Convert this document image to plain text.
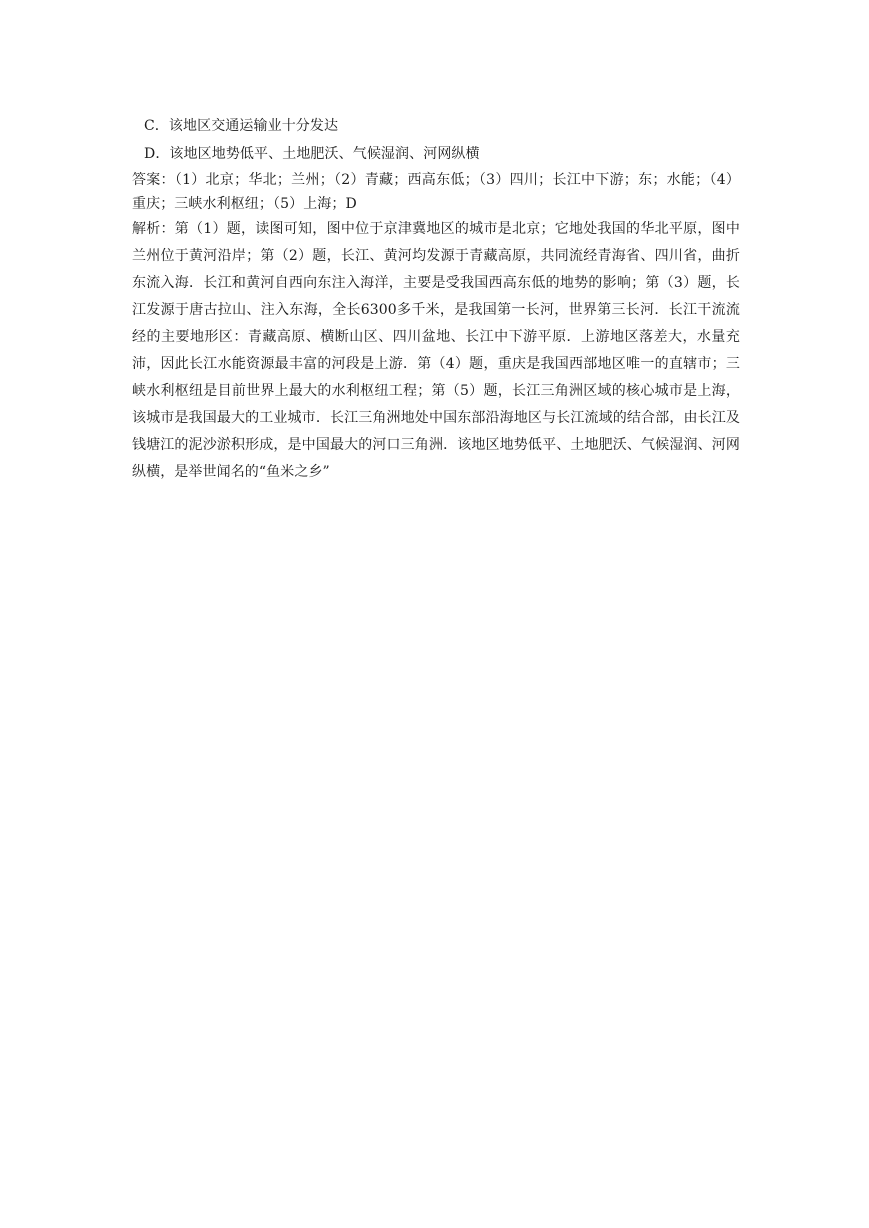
C．该地区交通运输业十分发达

D．该地区地势低平、土地肥沃、气候湿润、河网纵横

答案：（1）北京；华北；兰州；（2）青藏；西高东低；（3）四川；长江中下游；东；水能；（4）重庆；三峡水利枢纽；（5）上海；D

解析：第（1）题，读图可知，图中位于京津冀地区的城市是北京；它地处我国的华北平原，图中兰州位于黄河沿岸；第（2）题，长江、黄河均发源于青藏高原，共同流经青海省、四川省，曲折东流入海．长江和黄河自西向东注入海洋，主要是受我国西高东低的地势的影响；第（3）题，长江发源于唐古拉山、注入东海，全长6300多千米，是我国第一长河，世界第三长河．长江干流流经的主要地形区：青藏高原、横断山区、四川盆地、长江中下游平原．上游地区落差大，水量充沛，因此长江水能资源最丰富的河段是上游．第（4）题，重庆是我国西部地区唯一的直辖市；三峡水利枢纽是目前世界上最大的水利枢纽工程；第（5）题，长江三角洲区域的核心城市是上海，该城市是我国最大的工业城市．长江三角洲地处中国东部沿海地区与长江流域的结合部，由长江及钱塘江的泥沙淤积形成，是中国最大的河口三角洲．该地区地势低平、土地肥沃、气候湿润、河网纵横，是举世闻名的“鱼米之乡”
